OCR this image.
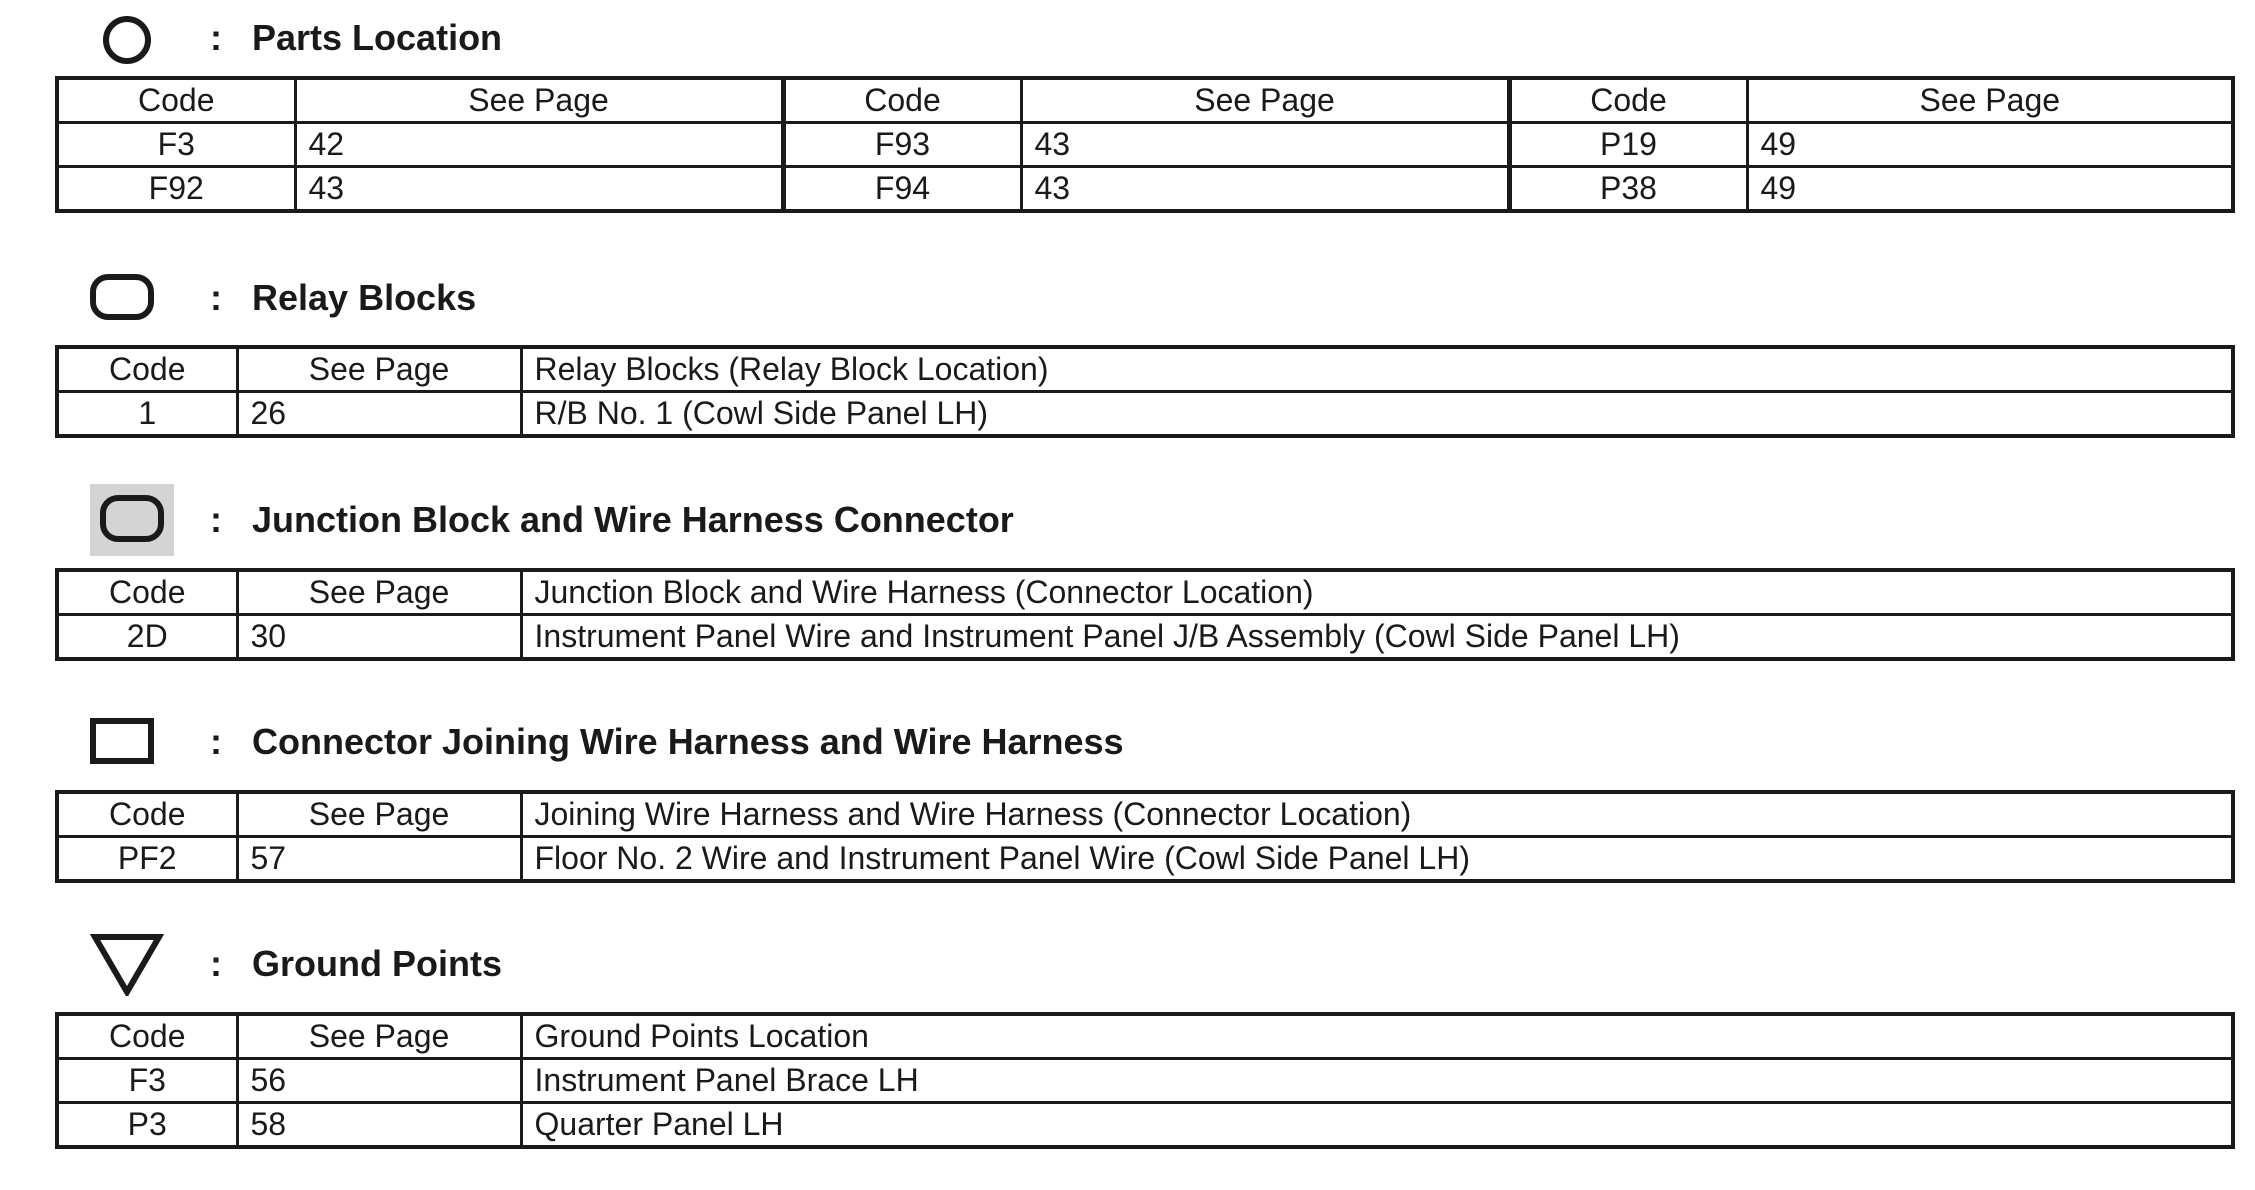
: Parts Location
Code	See Page	Code	See Page	Code	See Page
F3	42	F93	43	P19	49
F92	43	F94	43	P38	49
: Relay Blocks
Code	See Page	Relay Blocks (Relay Block Location)
1	26	R/B No. 1 (Cowl Side Panel LH)
: Junction Block and Wire Harness Connector
Code	See Page	Junction Block and Wire Harness (Connector Location)
2D	30	Instrument Panel Wire and Instrument Panel J/B Assembly (Cowl Side Panel LH)
: Connector Joining Wire Harness and Wire Harness
Code	See Page	Joining Wire Harness and Wire Harness (Connector Location)
PF2	57	Floor No. 2 Wire and Instrument Panel Wire (Cowl Side Panel LH)
: Ground Points
Code	See Page	Ground Points Location
F3	56	Instrument Panel Brace LH
P3	58	Quarter Panel LH
